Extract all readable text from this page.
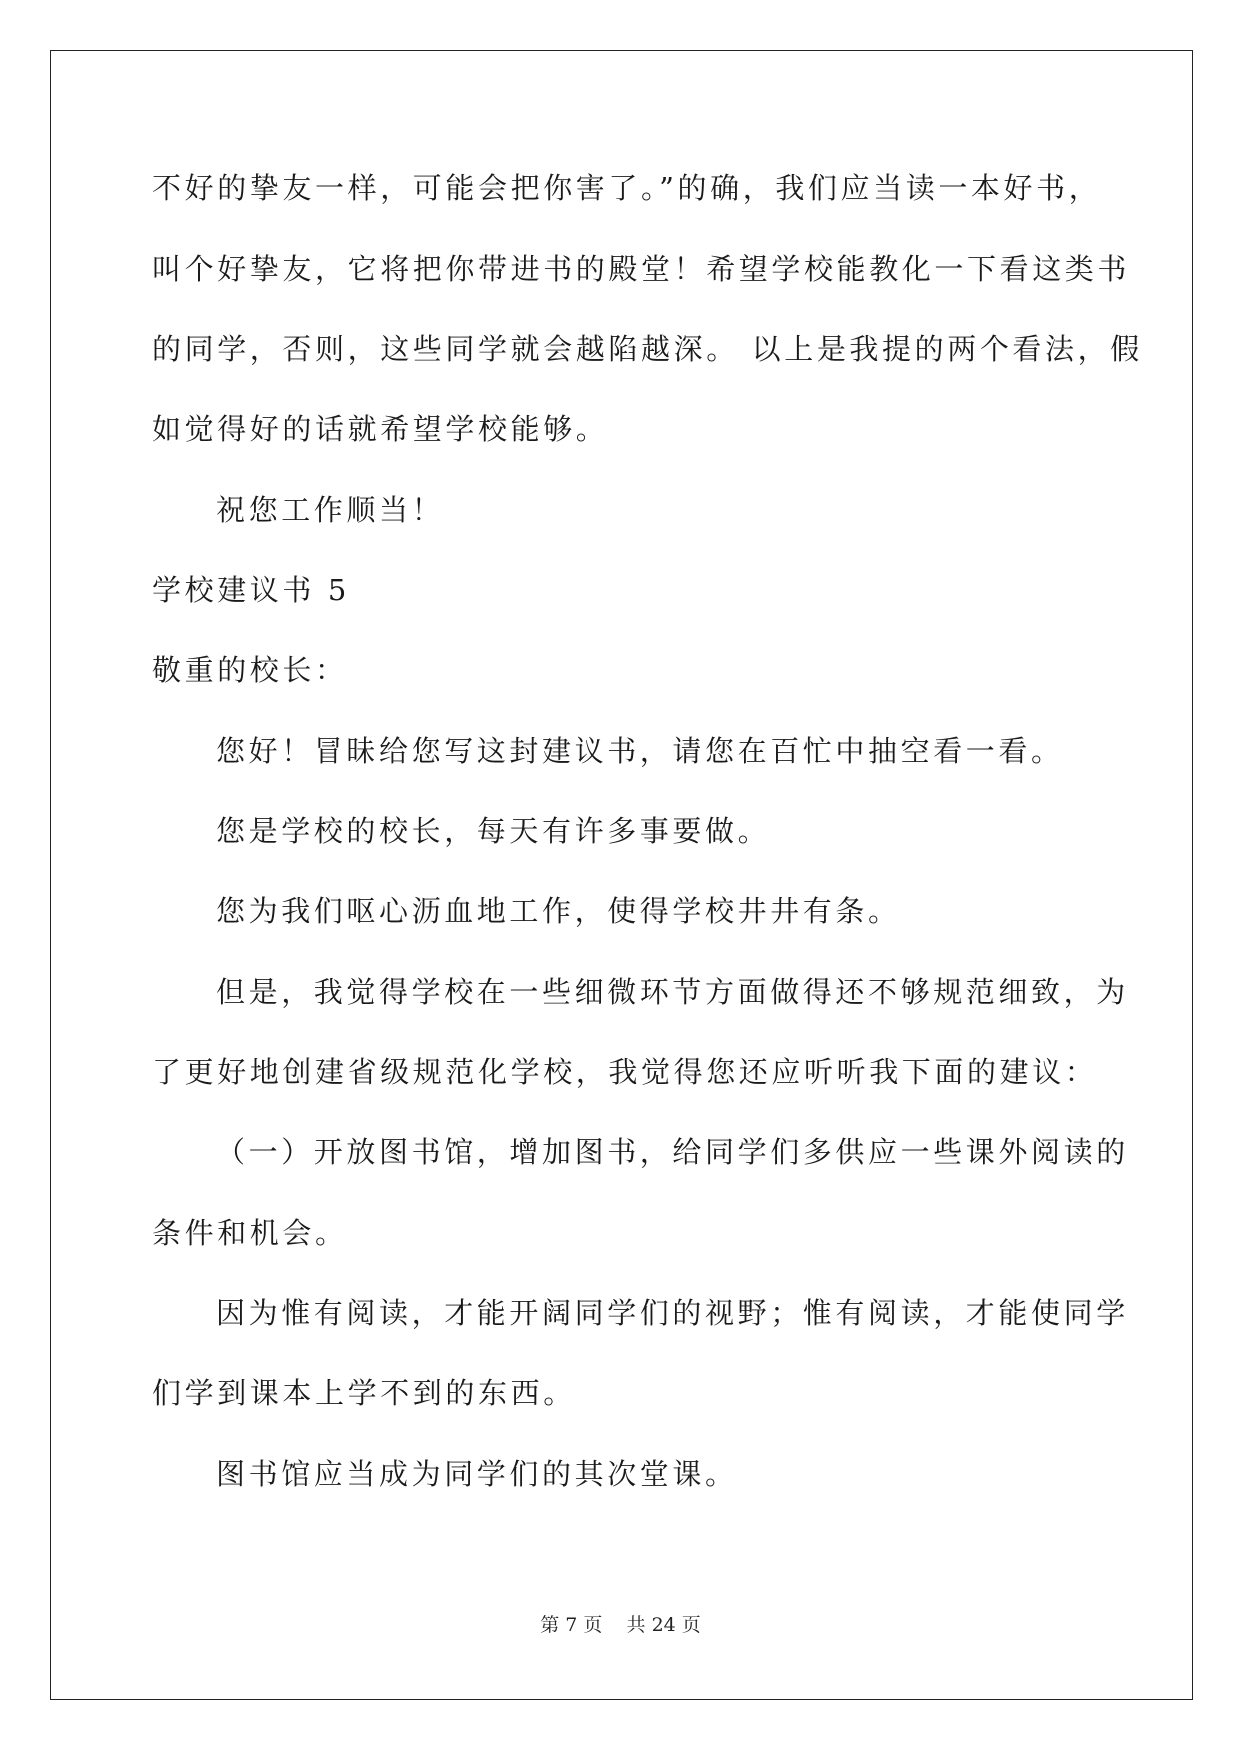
不好的挚友一样，可能会把你害了。”的确，我们应当读一本好书，
叫个好挚友，它将把你带进书的殿堂！希望学校能教化一下看这类书
的同学，否则，这些同学就会越陷越深。 以上是我提的两个看法，假
如觉得好的话就希望学校能够。
祝您工作顺当！
学校建议书 5
敬重的校长：
您好！冒昧给您写这封建议书，请您在百忙中抽空看一看。
您是学校的校长，每天有许多事要做。
您为我们呕心沥血地工作，使得学校井井有条。
但是，我觉得学校在一些细微环节方面做得还不够规范细致，为
了更好地创建省级规范化学校，我觉得您还应听听我下面的建议：
（一）开放图书馆，增加图书，给同学们多供应一些课外阅读的
条件和机会。
因为惟有阅读，才能开阔同学们的视野；惟有阅读，才能使同学
们学到课本上学不到的东西。
图书馆应当成为同学们的其次堂课。
第 7 页    共 24 页
